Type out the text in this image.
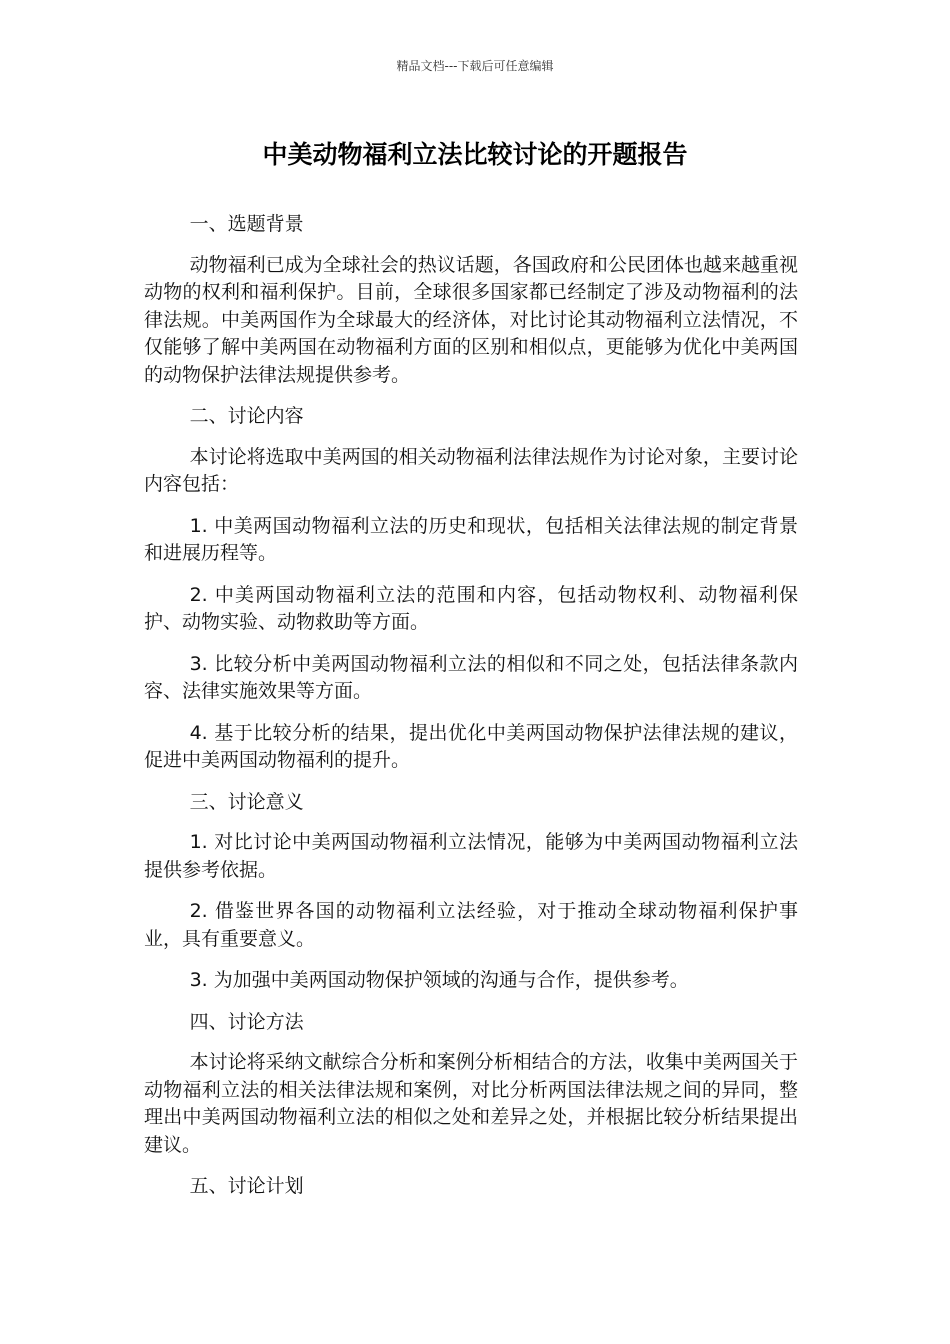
精品文档---下载后可任意编辑
中美动物福利立法比较讨论的开题报告

一、选题背景

动物福利已成为全球社会的热议话题，各国政府和公民团体也越来越重视动物的权利和福利保护。目前，全球很多国家都已经制定了涉及动物福利的法律法规。中美两国作为全球最大的经济体，对比讨论其动物福利立法情况，不仅能够了解中美两国在动物福利方面的区别和相似点，更能够为优化中美两国的动物保护法律法规提供参考。

二、讨论内容

本讨论将选取中美两国的相关动物福利法律法规作为讨论对象，主要讨论内容包括：

1. 中美两国动物福利立法的历史和现状，包括相关法律法规的制定背景和进展历程等。

2. 中美两国动物福利立法的范围和内容，包括动物权利、动物福利保护、动物实验、动物救助等方面。

3. 比较分析中美两国动物福利立法的相似和不同之处，包括法律条款内容、法律实施效果等方面。

4. 基于比较分析的结果，提出优化中美两国动物保护法律法规的建议，促进中美两国动物福利的提升。

三、讨论意义

1. 对比讨论中美两国动物福利立法情况，能够为中美两国动物福利立法提供参考依据。

2. 借鉴世界各国的动物福利立法经验，对于推动全球动物福利保护事业，具有重要意义。

3. 为加强中美两国动物保护领域的沟通与合作，提供参考。

四、讨论方法

本讨论将采纳文献综合分析和案例分析相结合的方法，收集中美两国关于动物福利立法的相关法律法规和案例，对比分析两国法律法规之间的异同，整理出中美两国动物福利立法的相似之处和差异之处，并根据比较分析结果提出建议。

五、讨论计划
